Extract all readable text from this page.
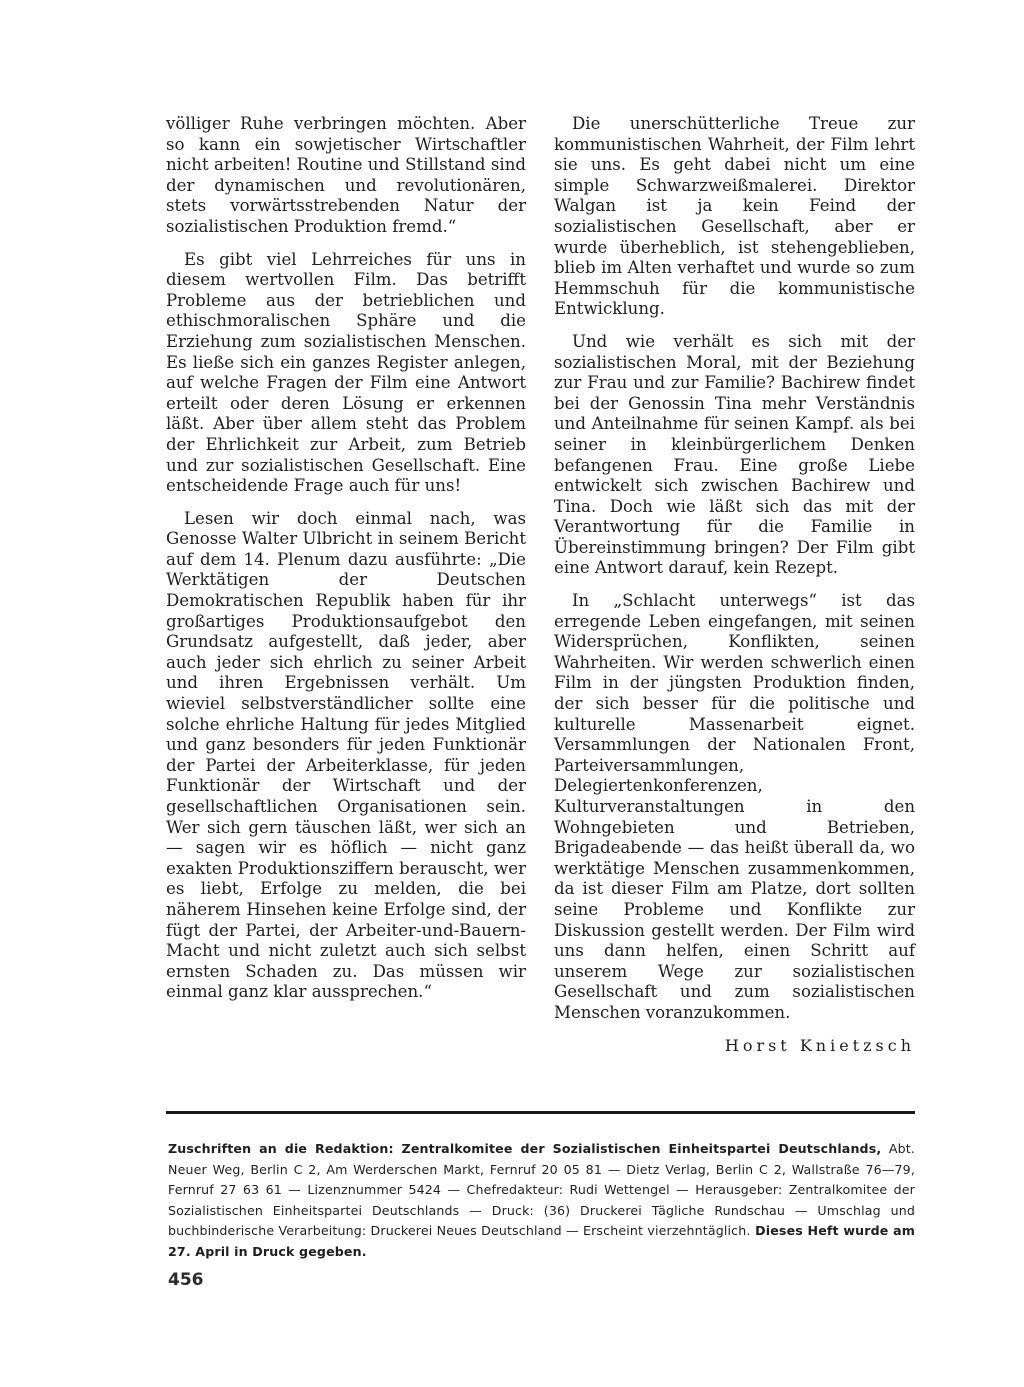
völliger Ruhe verbringen möchten. Aber so kann ein sowjetischer Wirtschaftler nicht arbeiten! Routine und Stillstand sind der dynamischen und revolutionären, stets vorwärtsstrebenden Natur der sozialistischen Produktion fremd.“

Es gibt viel Lehrreiches für uns in diesem wertvollen Film. Das betrifft Probleme aus der betrieblichen und ethischmoralischen Sphäre und die Erziehung zum sozialistischen Menschen. Es ließe sich ein ganzes Register anlegen, auf welche Fragen der Film eine Antwort erteilt oder deren Lösung er erkennen läßt. Aber über allem steht das Problem der Ehrlichkeit zur Arbeit, zum Betrieb und zur sozialistischen Gesellschaft. Eine entscheidende Frage auch für uns!

Lesen wir doch einmal nach, was Genosse Walter Ulbricht in seinem Bericht auf dem 14. Plenum dazu ausführte: „Die Werktätigen der Deutschen Demokratischen Republik haben für ihr großartiges Produktionsaufgebot den Grundsatz aufgestellt, daß jeder, aber auch jeder sich ehrlich zu seiner Arbeit und ihren Ergebnissen verhält. Um wieviel selbstverständlicher sollte eine solche ehrliche Haltung für jedes Mitglied und ganz besonders für jeden Funktionär der Partei der Arbeiterklasse, für jeden Funktionär der Wirtschaft und der gesellschaftlichen Organisationen sein. Wer sich gern täuschen läßt, wer sich an — sagen wir es höflich — nicht ganz exakten Produktionsziffern berauscht, wer es liebt, Erfolge zu melden, die bei näherem Hinsehen keine Erfolge sind, der fügt der Partei, der Arbeiter-und-Bauern-Macht und nicht zuletzt auch sich selbst ernsten Schaden zu. Das müssen wir einmal ganz klar aussprechen.“

Die unerschütterliche Treue zur kommunistischen Wahrheit, der Film lehrt sie uns. Es geht dabei nicht um eine simple Schwarzweißmalerei. Direktor Walgan ist ja kein Feind der sozialistischen Gesellschaft, aber er wurde überheblich, ist stehengeblieben, blieb im Alten verhaftet und wurde so zum Hemmschuh für die kommunistische Entwicklung.

Und wie verhält es sich mit der sozialistischen Moral, mit der Beziehung zur Frau und zur Familie? Bachirew findet bei der Genossin Tina mehr Verständnis und Anteilnahme für seinen Kampf. als bei seiner in kleinbürgerlichem Denken befangenen Frau. Eine große Liebe entwickelt sich zwischen Bachirew und Tina. Doch wie läßt sich das mit der Verantwortung für die Familie in Übereinstimmung bringen? Der Film gibt eine Antwort darauf, kein Rezept.

In „Schlacht unterwegs“ ist das erregende Leben eingefangen, mit seinen Widersprüchen, Konflikten, seinen Wahrheiten. Wir werden schwerlich einen Film in der jüngsten Produktion finden, der sich besser für die politische und kulturelle Massenarbeit eignet. Versammlungen der Nationalen Front, Parteiversammlungen, Delegiertenkonferenzen, Kulturveranstaltungen in den Wohngebieten und Betrieben, Brigadeabende — das heißt überall da, wo werktätige Menschen zusammenkommen, da ist dieser Film am Platze, dort sollten seine Probleme und Konflikte zur Diskussion gestellt werden. Der Film wird uns dann helfen, einen Schritt auf unserem Wege zur sozialistischen Gesellschaft und zum sozialistischen Menschen voranzukommen.

Horst Knietzsch
Zuschriften an die Redaktion: Zentralkomitee der Sozialistischen Einheitspartei Deutschlands, Abt. Neuer Weg, Berlin C 2, Am Werderschen Markt, Fernruf 20 05 81 — Dietz Verlag, Berlin C 2, Wallstraße 76—79, Fernruf 27 63 61 — Lizenznummer 5424 — Chefredakteur: Rudi Wettengel — Herausgeber: Zentralkomitee der Sozialistischen Einheitspartei Deutschlands — Druck: (36) Druckerei Tägliche Rundschau — Umschlag und buchbinderische Verarbeitung: Druckerei Neues Deutschland — Erscheint vierzehntäglich. Dieses Heft wurde am 27. April in Druck gegeben.
456
